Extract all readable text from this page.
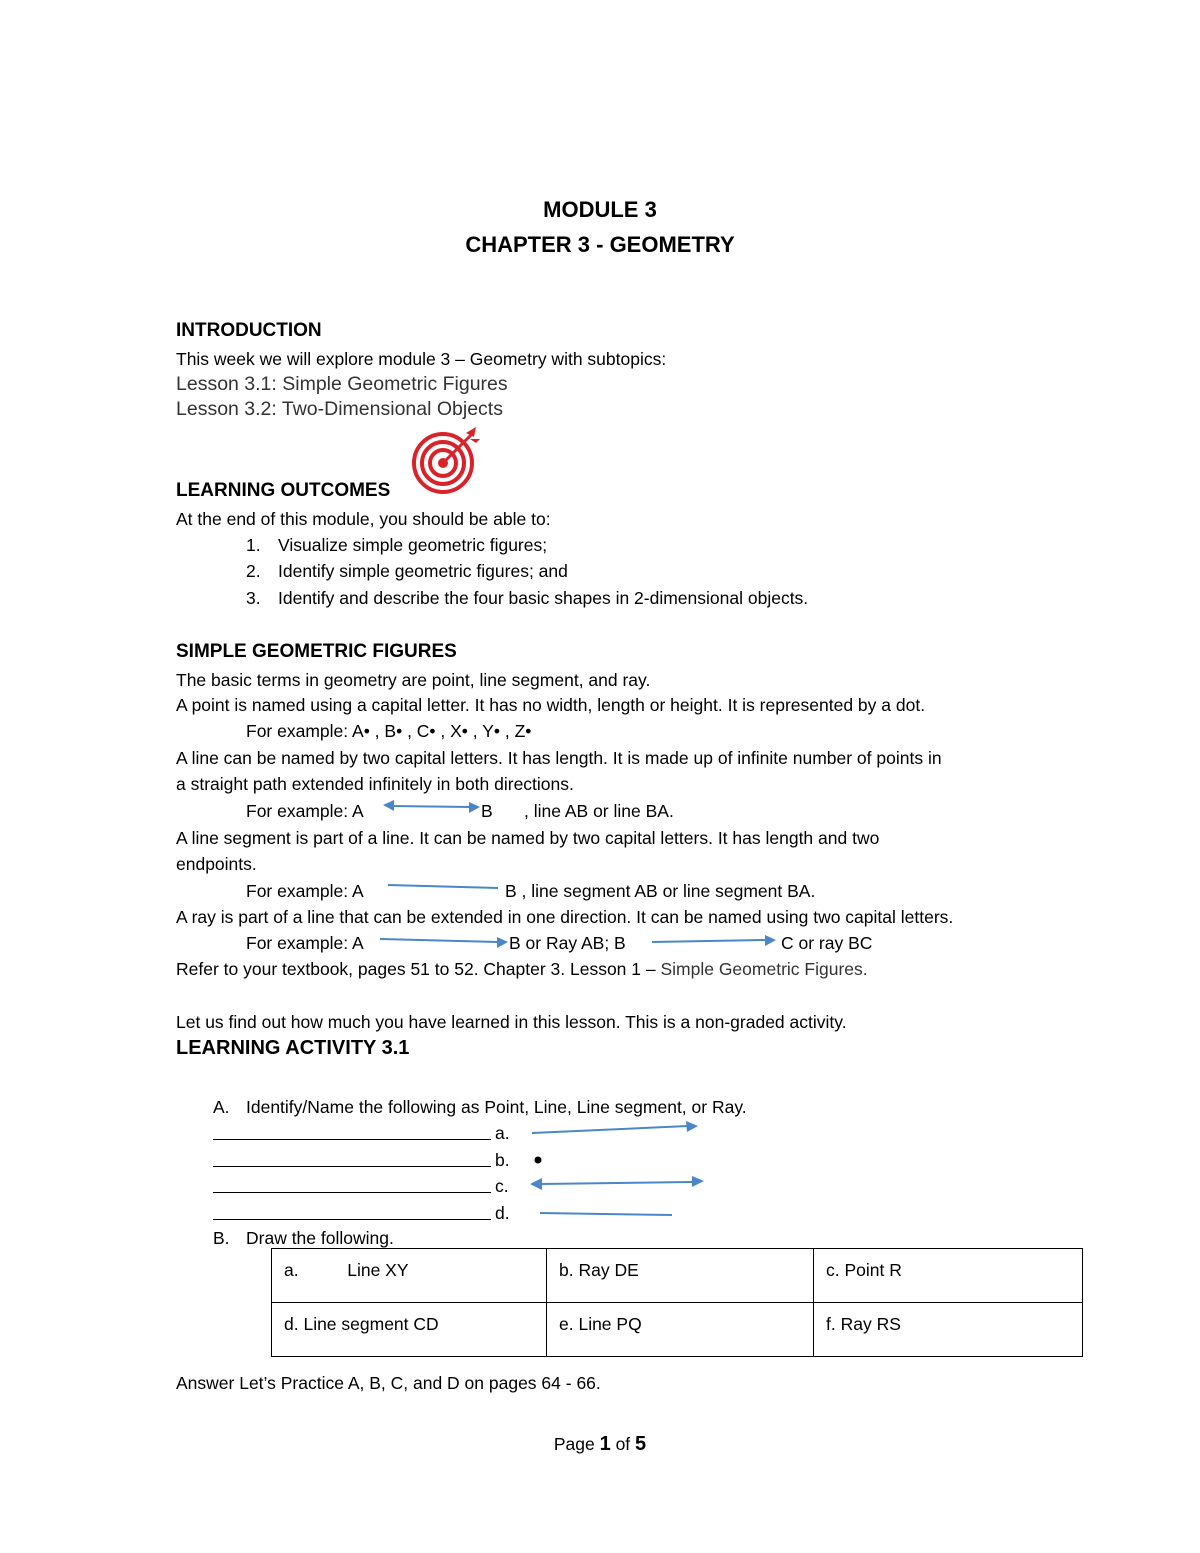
MODULE 3
CHAPTER 3 - GEOMETRY
INTRODUCTION
This week we will explore module 3 – Geometry with subtopics:
Lesson 3.1: Simple Geometric Figures
Lesson 3.2: Two-Dimensional Objects
LEARNING OUTCOMES
At the end of this module, you should be able to:
1. Visualize simple geometric figures;
2. Identify simple geometric figures; and
3. Identify and describe the four basic shapes in 2-dimensional objects.
SIMPLE GEOMETRIC FIGURES
The basic terms in geometry are point, line segment, and ray.
A point is named using a capital letter. It has no width, length or height. It is represented by a dot.
For example: A• , B• , C• , X• , Y• , Z•
A line can be named by two capital letters. It has length. It is made up of infinite number of points in
a straight path extended infinitely in both directions.
For example: A	B , line AB or line BA.
A line segment is part of a line. It can be named by two capital letters. It has length and two
endpoints.
For example: A	B , line segment AB or line segment BA.
A ray is part of a line that can be extended in one direction. It can be named using two capital letters.
For example: A	B or Ray AB; B	C or ray BC
Refer to your textbook, pages 51 to 52. Chapter 3. Lesson 1 – Simple Geometric Figures.
Let us find out how much you have learned in this lesson. This is a non-graded activity.
LEARNING ACTIVITY 3.1
A. Identify/Name the following as Point, Line, Line segment, or Ray.
a.
b.
c.
d.
B. Draw the following.
a.          Line XY	b. Ray DE	c. Point R
d. Line segment CD	e. Line PQ	f. Ray RS
Answer Let’s Practice A, B, C, and D on pages 64 - 66.
Page 1 of 5
